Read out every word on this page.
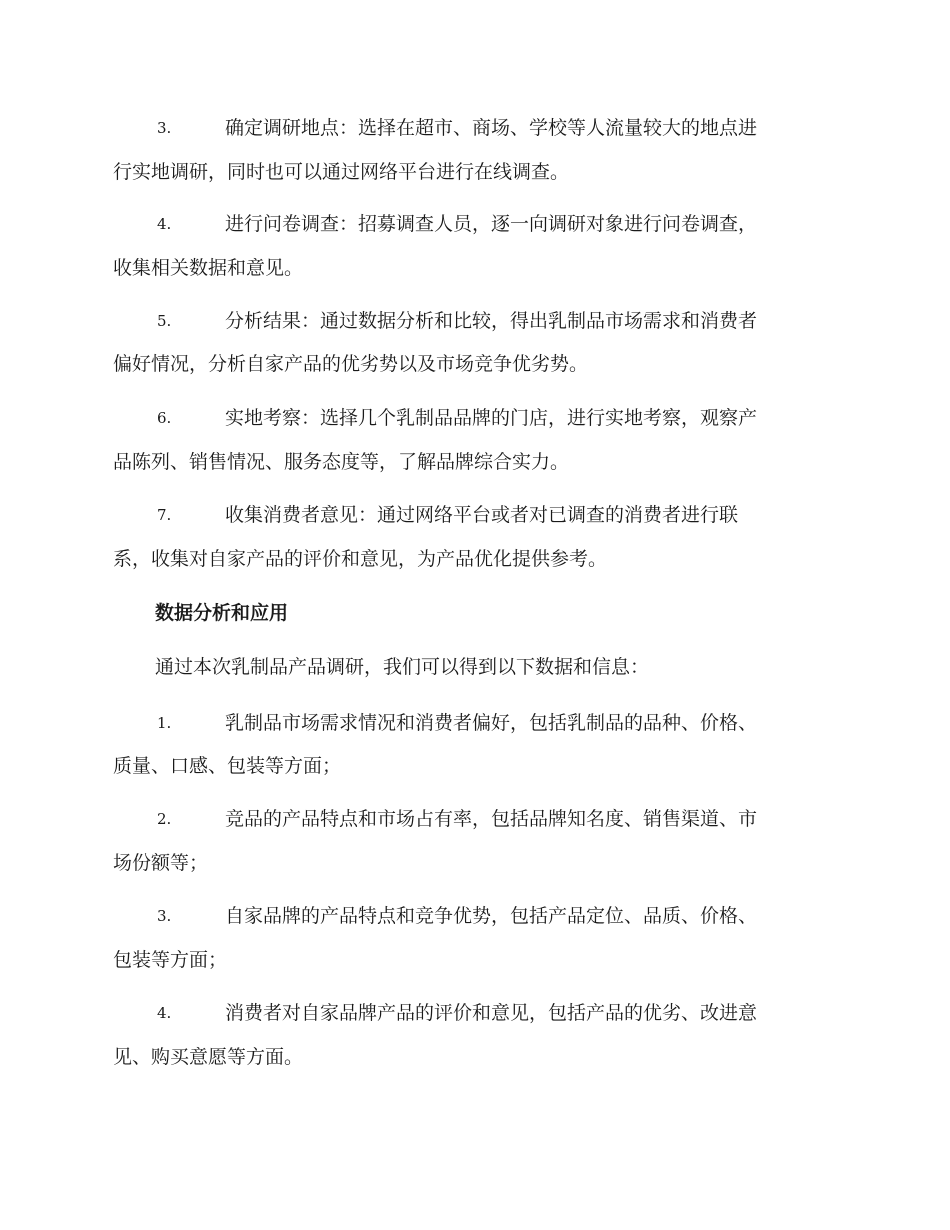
3.	确定调研地点：选择在超市、商场、学校等人流量较大的地点进
行实地调研，同时也可以通过网络平台进行在线调查。
4.	进行问卷调查：招募调查人员，逐一向调研对象进行问卷调查，
收集相关数据和意见。
5.	分析结果：通过数据分析和比较，得出乳制品市场需求和消费者
偏好情况，分析自家产品的优劣势以及市场竞争优劣势。
6.	实地考察：选择几个乳制品品牌的门店，进行实地考察，观察产
品陈列、销售情况、服务态度等，了解品牌综合实力。
7.	收集消费者意见：通过网络平台或者对已调查的消费者进行联
系，收集对自家产品的评价和意见，为产品优化提供参考。
数据分析和应用
通过本次乳制品产品调研，我们可以得到以下数据和信息：
1.	乳制品市场需求情况和消费者偏好，包括乳制品的品种、价格、
质量、口感、包装等方面；
2.	竞品的产品特点和市场占有率，包括品牌知名度、销售渠道、市
场份额等；
3.	自家品牌的产品特点和竞争优势，包括产品定位、品质、价格、
包装等方面；
4.	消费者对自家品牌产品的评价和意见，包括产品的优劣、改进意
见、购买意愿等方面。
